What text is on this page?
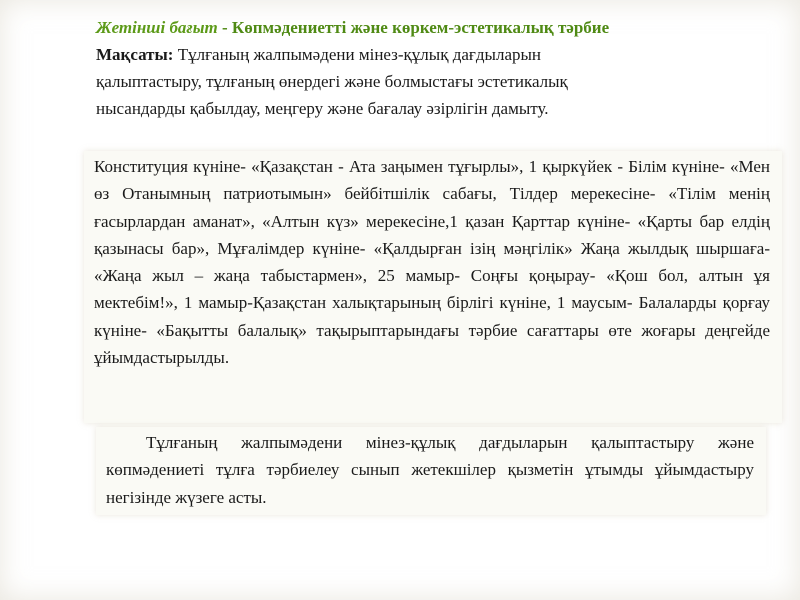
Жетінші бағыт - Көпмәдениетті және көркем-эстетикалық тәрбие
Мақсаты: Тұлғаның жалпымәдени мінез-құлық дағдыларын
қалыптастыру, тұлғаның өнердегі және болмыстағы эстетикалық
нысандарды қабылдау, меңгеру және бағалау әзірлігін дамыту.

Конституция күніне- «Қазақстан - Ата заңымен тұғырлы», 1 қыркүйек - Білім күніне- «Мен өз Отанымның патриотымын» бейбітшілік сабағы, Тілдер мерекесіне- «Тілім менің ғасырлардан аманат», «Алтын күз» мерекесіне,1 қазан Қарттар күніне- «Қарты бар елдің қазынасы бар», Мұғалімдер күніне- «Қалдырған ізің мәңгілік» Жаңа жылдық шыршаға- «Жаңа жыл – жаңа табыстармен», 25 мамыр- Соңғы қоңырау- «Қош бол, алтын ұя мектебім!», 1 мамыр-Қазақстан халықтарының бірлігі күніне, 1 маусым- Балаларды қорғау күніне- «Бақытты балалық» тақырыптарындағы тәрбие сағаттары өте жоғары деңгейде ұйымдастырылды.

Тұлғаның жалпымәдени мінез-құлық дағдыларын қалыптастыру және көпмәдениеті тұлға тәрбиелеу сынып жетекшілер қызметін ұтымды ұйымдастыру негізінде жүзеге асты.
